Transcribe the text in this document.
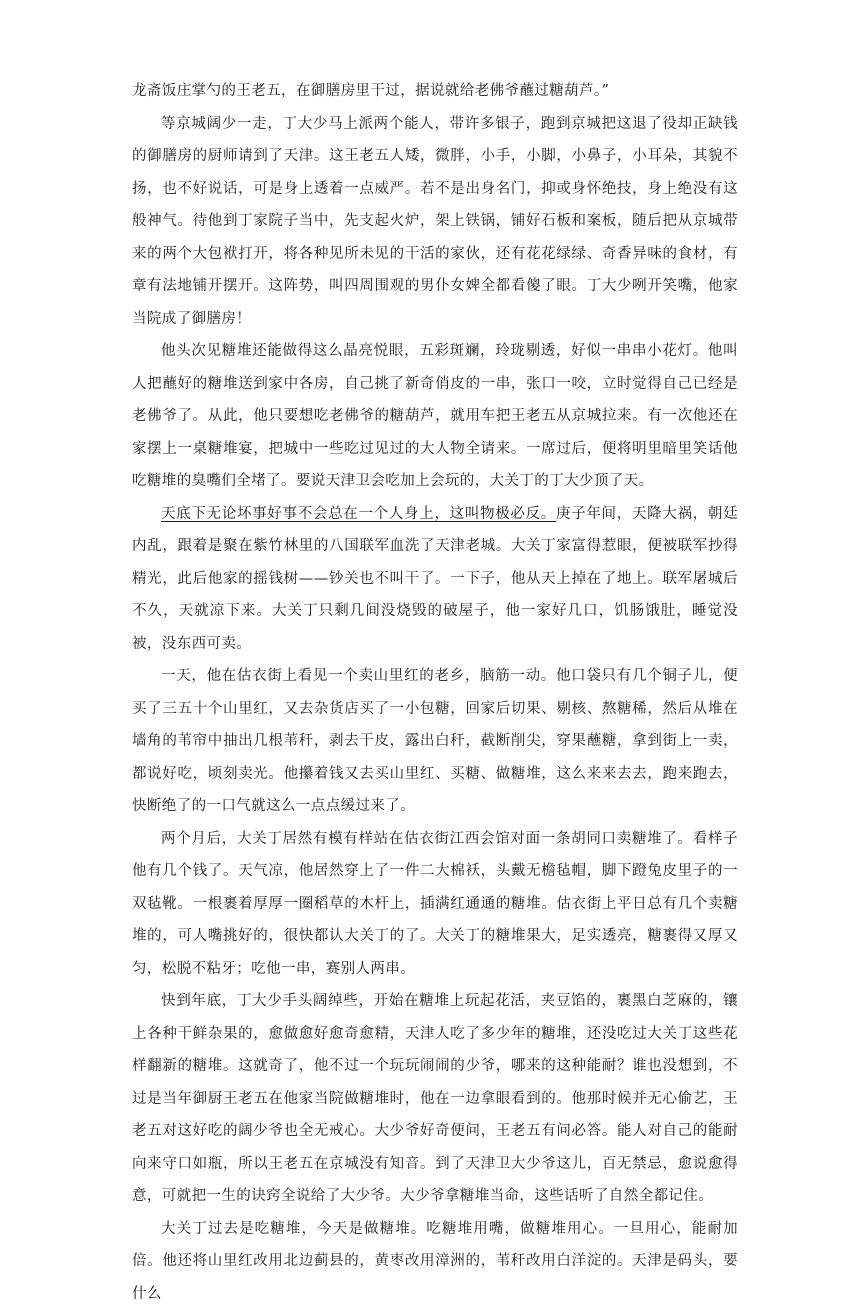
龙斋饭庄掌勺的王老五，在御膳房里干过，据说就给老佛爷蘸过糖葫芦。”

等京城阔少一走，丁大少马上派两个能人，带许多银子，跑到京城把这退了役却正缺钱的御膳房的厨师请到了天津。这王老五人矮，微胖，小手，小脚，小鼻子，小耳朵，其貌不扬，也不好说话，可是身上透着一点威严。若不是出身名门，抑或身怀绝技，身上绝没有这般神气。待他到丁家院子当中，先支起火炉，架上铁锅，铺好石板和案板，随后把从京城带来的两个大包袱打开，将各种见所未见的干活的家伙，还有花花绿绿、奇香异味的食材，有章有法地铺开摆开。这阵势，叫四周围观的男仆女婢全都看傻了眼。丁大少咧开笑嘴，他家当院成了御膳房！

他头次见糖堆还能做得这么晶亮悦眼，五彩斑斓，玲珑剔透，好似一串串小花灯。他叫人把蘸好的糖堆送到家中各房，自己挑了新奇俏皮的一串，张口一咬，立时觉得自己已经是老佛爷了。从此，他只要想吃老佛爷的糖葫芦，就用车把王老五从京城拉来。有一次他还在家摆上一桌糖堆宴，把城中一些吃过见过的大人物全请来。一席过后，便将明里暗里笑话他吃糖堆的臭嘴们全堵了。要说天津卫会吃加上会玩的，大关丁的丁大少顶了天。

天底下无论坏事好事不会总在一个人身上，这叫物极必反。庚子年间，天降大祸，朝廷内乱，跟着是聚在紫竹林里的八国联军血洗了天津老城。大关丁家富得惹眼，便被联军抄得精光，此后他家的摇钱树——钞关也不叫干了。一下子，他从天上掉在了地上。联军屠城后不久，天就凉下来。大关丁只剩几间没烧毁的破屋子，他一家好几口，饥肠饿肚，睡觉没被，没东西可卖。

一天，他在估衣街上看见一个卖山里红的老乡，脑筋一动。他口袋只有几个铜子儿，便买了三五十个山里红，又去杂货店买了一小包糖，回家后切果、剔核、熬糖稀，然后从堆在墙角的苇帘中抽出几根苇秆，剥去干皮，露出白秆，截断削尖，穿果蘸糖，拿到街上一卖，都说好吃，顷刻卖光。他攥着钱又去买山里红、买糖、做糖堆，这么来来去去，跑来跑去，快断绝了的一口气就这么一点点缓过来了。

两个月后，大关丁居然有模有样站在估衣街江西会馆对面一条胡同口卖糖堆了。看样子他有几个钱了。天气凉，他居然穿上了一件二大棉袄，头戴无檐毡帽，脚下蹬兔皮里子的一双毡靴。一根裹着厚厚一圈稻草的木杆上，插满红通通的糖堆。估衣街上平日总有几个卖糖堆的，可人嘴挑好的，很快都认大关丁的了。大关丁的糖堆果大，足实透亮，糖裹得又厚又匀，松脱不粘牙；吃他一串，赛别人两串。

快到年底，丁大少手头阔绰些，开始在糖堆上玩起花活，夹豆馅的，裹黑白芝麻的，镶上各种干鲜杂果的，愈做愈好愈奇愈精，天津人吃了多少年的糖堆，还没吃过大关丁这些花样翻新的糖堆。这就奇了，他不过一个玩玩闹闹的少爷，哪来的这种能耐？谁也没想到，不过是当年御厨王老五在他家当院做糖堆时，他在一边拿眼看到的。他那时候并无心偷艺，王老五对这好吃的阔少爷也全无戒心。大少爷好奇便问，王老五有问必答。能人对自己的能耐向来守口如瓶，所以王老五在京城没有知音。到了天津卫大少爷这儿，百无禁忌，愈说愈得意，可就把一生的诀窍全说给了大少爷。大少爷拿糖堆当命，这些话听了自然全都记住。

大关丁过去是吃糖堆，今天是做糖堆。吃糖堆用嘴，做糖堆用心。一旦用心，能耐加倍。他还将山里红改用北边蓟县的，黄枣改用漳洲的，苇秆改用白洋淀的。天津是码头，要什么
